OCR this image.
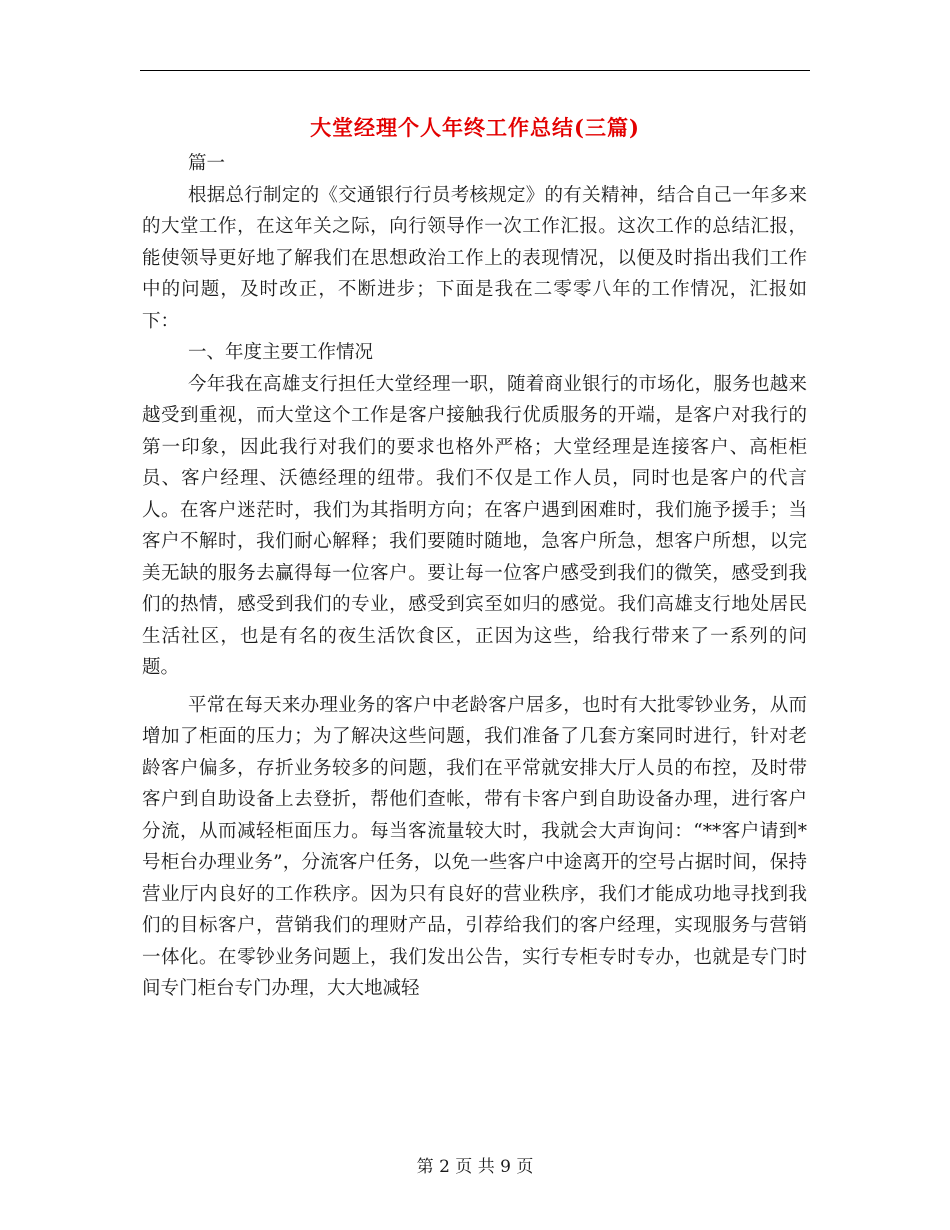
大堂经理个人年终工作总结(三篇)

篇一

根据总行制定的《交通银行行员考核规定》的有关精神，结合自己一年多来的大堂工作，在这年关之际，向行领导作一次工作汇报。这次工作的总结汇报，能使领导更好地了解我们在思想政治工作上的表现情况，以便及时指出我们工作中的问题，及时改正，不断进步；下面是我在二零零八年的工作情况，汇报如下：

一、年度主要工作情况

今年我在高雄支行担任大堂经理一职，随着商业银行的市场化，服务也越来越受到重视，而大堂这个工作是客户接触我行优质服务的开端，是客户对我行的第一印象，因此我行对我们的要求也格外严格；大堂经理是连接客户、高柜柜员、客户经理、沃德经理的纽带。我们不仅是工作人员，同时也是客户的代言人。在客户迷茫时，我们为其指明方向；在客户遇到困难时，我们施予援手；当客户不解时，我们耐心解释；我们要随时随地，急客户所急，想客户所想，以完美无缺的服务去赢得每一位客户。要让每一位客户感受到我们的微笑，感受到我们的热情，感受到我们的专业，感受到宾至如归的感觉。我们高雄支行地处居民生活社区，也是有名的夜生活饮食区，正因为这些，给我行带来了一系列的问题。

平常在每天来办理业务的客户中老龄客户居多，也时有大批零钞业务，从而增加了柜面的压力；为了解决这些问题，我们准备了几套方案同时进行，针对老龄客户偏多，存折业务较多的问题，我们在平常就安排大厅人员的布控，及时带客户到自助设备上去登折，帮他们查帐，带有卡客户到自助设备办理，进行客户分流，从而减轻柜面压力。每当客流量较大时，我就会大声询问：“**客户请到*号柜台办理业务”，分流客户任务，以免一些客户中途离开的空号占据时间，保持营业厅内良好的工作秩序。因为只有良好的营业秩序，我们才能成功地寻找到我们的目标客户，营销我们的理财产品，引荐给我们的客户经理，实现服务与营销一体化。在零钞业务问题上，我们发出公告，实行专柜专时专办，也就是专门时间专门柜台专门办理，大大地减轻

第 2 页 共 9 页
